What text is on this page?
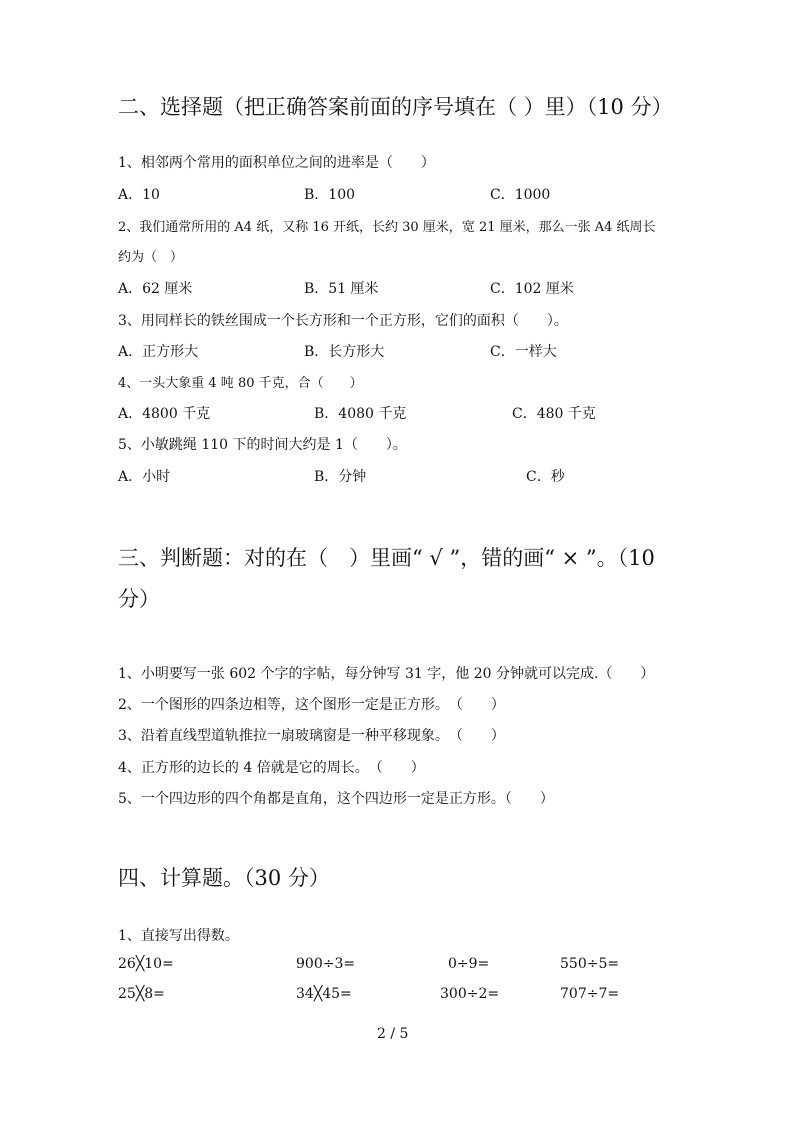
二、选择题（把正确答案前面的序号填在（ ）里）（10 分）
1、相邻两个常用的面积单位之间的进率是（　　）
A．10	B．100	C．1000
2、我们通常所用的 A4 纸，又称 16 开纸，长约 30 厘米，宽 21 厘米，那么一张 A4 纸周长
约为（　）
A．62 厘米	B．51 厘米	C．102 厘米
3、用同样长的铁丝围成一个长方形和一个正方形，它们的面积（　　）。
A．正方形大	B．长方形大	C．一样大
4、一头大象重 4 吨 80 千克，合（　　）
A．4800 千克	B．4080 千克	C．480 千克
5、小敏跳绳 110 下的时间大约是 1（　　）。
A．小时	B．分钟	C．秒
三、判断题：对的在（　）里画“ √ ”，错的画“ × ”。（10
分）
1、小明要写一张 602 个字的字帖，每分钟写 31 字，他 20 分钟就可以完成.（　　）
2、一个图形的四条边相等，这个图形一定是正方形。　（　　）
3、沿着直线型道轨推拉一扇玻璃窗是一种平移现象。　（　　）
4、正方形的边长的 4 倍就是它的周长。　（　　）
5、一个四边形的四个角都是直角，这个四边形一定是正方形。（　　）
四、计算题。（30 分）
1、直接写出得数。
26╳10=	900÷3=	0÷9=	550÷5=
25╳8=	34╳45=	300÷2=	707÷7=
2 / 5
